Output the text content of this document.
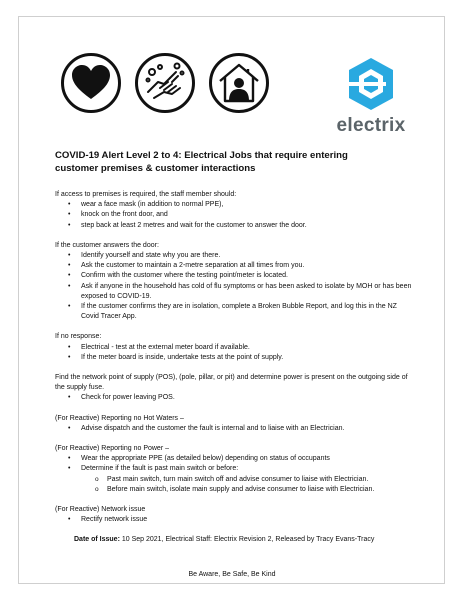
electrix
COVID-19 Alert Level 2 to 4: Electrical Jobs that require entering
customer premises & customer interactions

If access to premises is required, the staff member should:

• wear a face mask (in addition to normal PPE),
• knock on the front door, and
• step back at least 2 metres and wait for the customer to answer the door.

If the customer answers the door:

• Identify yourself and state why you are there.
• Ask the customer to maintain a 2-metre separation at all times from you.
• Confirm with the customer where the testing point/meter is located.
• Ask if anyone in the household has cold of flu symptoms or has been asked to isolate by MOH or has been exposed to COVID-19.
• If the customer confirms they are in isolation, complete a Broken Bubble Report, and log this in the NZ Covid Tracer App.

If no response:

• Electrical - test at the external meter board if available.
• If the meter board is inside, undertake tests at the point of supply.

Find the network point of supply (POS), (pole, pillar, or pit) and determine power is present on the outgoing side of the supply fuse.

• Check for power leaving POS.

(For Reactive) Reporting no Hot Waters –

• Advise dispatch and the customer the fault is internal and to liaise with an Electrician.

(For Reactive) Reporting no Power –

• Wear the appropriate PPE (as detailed below) depending on status of occupants
• Determine if the fault is past main switch or before:
o Past main switch, turn main switch off and advise consumer to liaise with Electrician.
o Before main switch, isolate main supply and advise consumer to liaise with Electrician.

(For Reactive) Network issue

• Rectify network issue
Date of Issue: 10 Sep 2021, Electrical Staff: Electrix Revision 2, Released by Tracy Evans-Tracy
Be Aware, Be Safe, Be Kind
